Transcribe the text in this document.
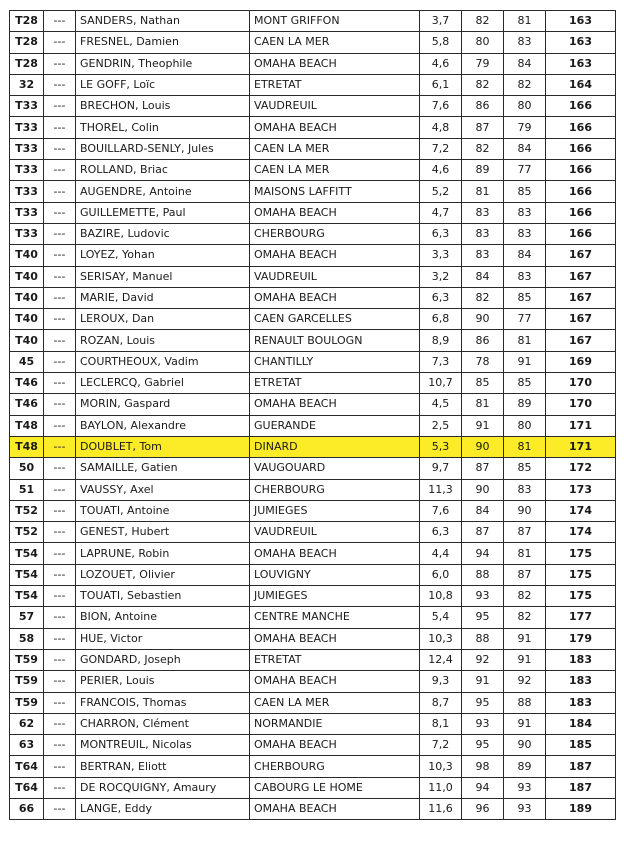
T28	---	SANDERS, Nathan	MONT GRIFFON	3,7	82	81	163
T28	---	FRESNEL, Damien	CAEN LA MER	5,8	80	83	163
T28	---	GENDRIN, Theophile	OMAHA BEACH	4,6	79	84	163
32	---	LE GOFF, Loïc	ETRETAT	6,1	82	82	164
T33	---	BRECHON, Louis	VAUDREUIL	7,6	86	80	166
T33	---	THOREL, Colin	OMAHA BEACH	4,8	87	79	166
T33	---	BOUILLARD-SENLY, Jules	CAEN LA MER	7,2	82	84	166
T33	---	ROLLAND, Briac	CAEN LA MER	4,6	89	77	166
T33	---	AUGENDRE, Antoine	MAISONS LAFFITT	5,2	81	85	166
T33	---	GUILLEMETTE, Paul	OMAHA BEACH	4,7	83	83	166
T33	---	BAZIRE, Ludovic	CHERBOURG	6,3	83	83	166
T40	---	LOYEZ, Yohan	OMAHA BEACH	3,3	83	84	167
T40	---	SERISAY, Manuel	VAUDREUIL	3,2	84	83	167
T40	---	MARIE, David	OMAHA BEACH	6,3	82	85	167
T40	---	LEROUX, Dan	CAEN GARCELLES	6,8	90	77	167
T40	---	ROZAN, Louis	RENAULT BOULOGN	8,9	86	81	167
45	---	COURTHEOUX, Vadim	CHANTILLY	7,3	78	91	169
T46	---	LECLERCQ, Gabriel	ETRETAT	10,7	85	85	170
T46	---	MORIN, Gaspard	OMAHA BEACH	4,5	81	89	170
T48	---	BAYLON, Alexandre	GUERANDE	2,5	91	80	171
T48	---	DOUBLET, Tom	DINARD	5,3	90	81	171
50	---	SAMAILLE, Gatien	VAUGOUARD	9,7	87	85	172
51	---	VAUSSY, Axel	CHERBOURG	11,3	90	83	173
T52	---	TOUATI, Antoine	JUMIEGES	7,6	84	90	174
T52	---	GENEST, Hubert	VAUDREUIL	6,3	87	87	174
T54	---	LAPRUNE, Robin	OMAHA BEACH	4,4	94	81	175
T54	---	LOZOUET, Olivier	LOUVIGNY	6,0	88	87	175
T54	---	TOUATI, Sebastien	JUMIEGES	10,8	93	82	175
57	---	BION, Antoine	CENTRE MANCHE	5,4	95	82	177
58	---	HUE, Victor	OMAHA BEACH	10,3	88	91	179
T59	---	GONDARD, Joseph	ETRETAT	12,4	92	91	183
T59	---	PERIER, Louis	OMAHA BEACH	9,3	91	92	183
T59	---	FRANCOIS, Thomas	CAEN LA MER	8,7	95	88	183
62	---	CHARRON, Clément	NORMANDIE	8,1	93	91	184
63	---	MONTREUIL, Nicolas	OMAHA BEACH	7,2	95	90	185
T64	---	BERTRAN, Eliott	CHERBOURG	10,3	98	89	187
T64	---	DE ROCQUIGNY, Amaury	CABOURG LE HOME	11,0	94	93	187
66	---	LANGE, Eddy	OMAHA BEACH	11,6	96	93	189
